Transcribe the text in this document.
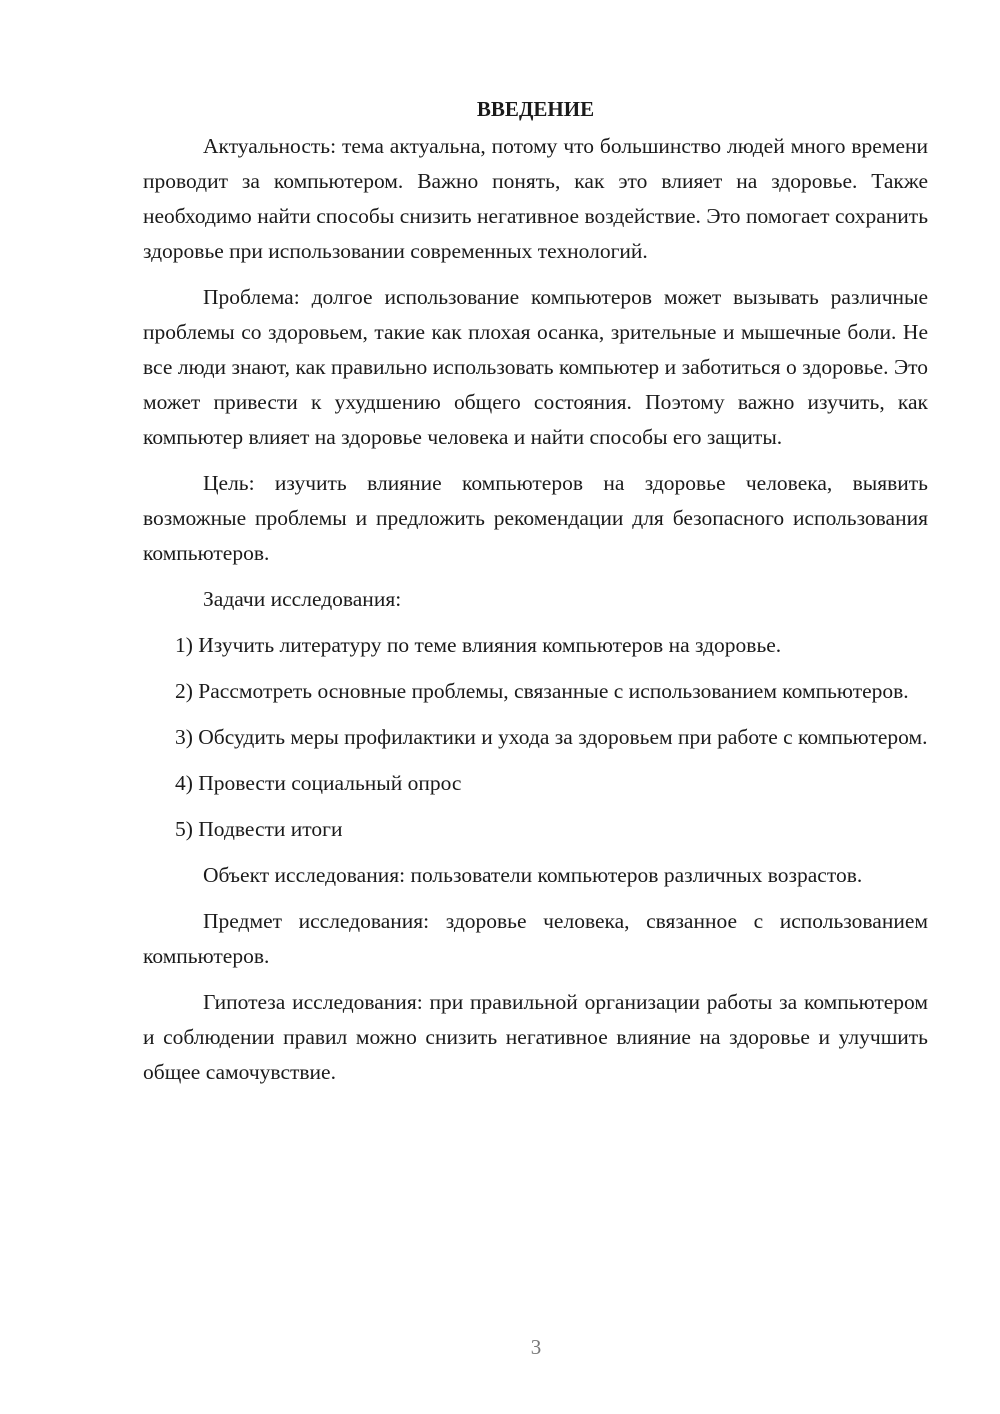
ВВЕДЕНИЕ

Актуальность: тема актуальна, потому что большинство людей много времени проводит за компьютером. Важно понять, как это влияет на здоровье. Также необходимо найти способы снизить негативное воздействие. Это помогает сохранить здоровье при использовании современных технологий.

Проблема: долгое использование компьютеров может вызывать различные проблемы со здоровьем, такие как плохая осанка, зрительные и мышечные боли. Не все люди знают, как правильно использовать компьютер и заботиться о здоровье. Это может привести к ухудшению общего состояния. Поэтому важно изучить, как компьютер влияет на здоровье человека и найти способы его защиты.

Цель: изучить влияние компьютеров на здоровье человека, выявить возможные проблемы и предложить рекомендации для безопасного использования компьютеров.

Задачи исследования:

1) Изучить литературу по теме влияния компьютеров на здоровье.

2) Рассмотреть основные проблемы, связанные с использованием компьютеров.

3) Обсудить меры профилактики и ухода за здоровьем при работе с компьютером.

4) Провести социальный опрос

5) Подвести итоги

Объект исследования: пользователи компьютеров различных возрастов.

Предмет исследования: здоровье человека, связанное с использованием компьютеров.

Гипотеза исследования: при правильной организации работы за компьютером и соблюдении правил можно снизить негативное влияние на здоровье и улучшить общее самочувствие.

3
